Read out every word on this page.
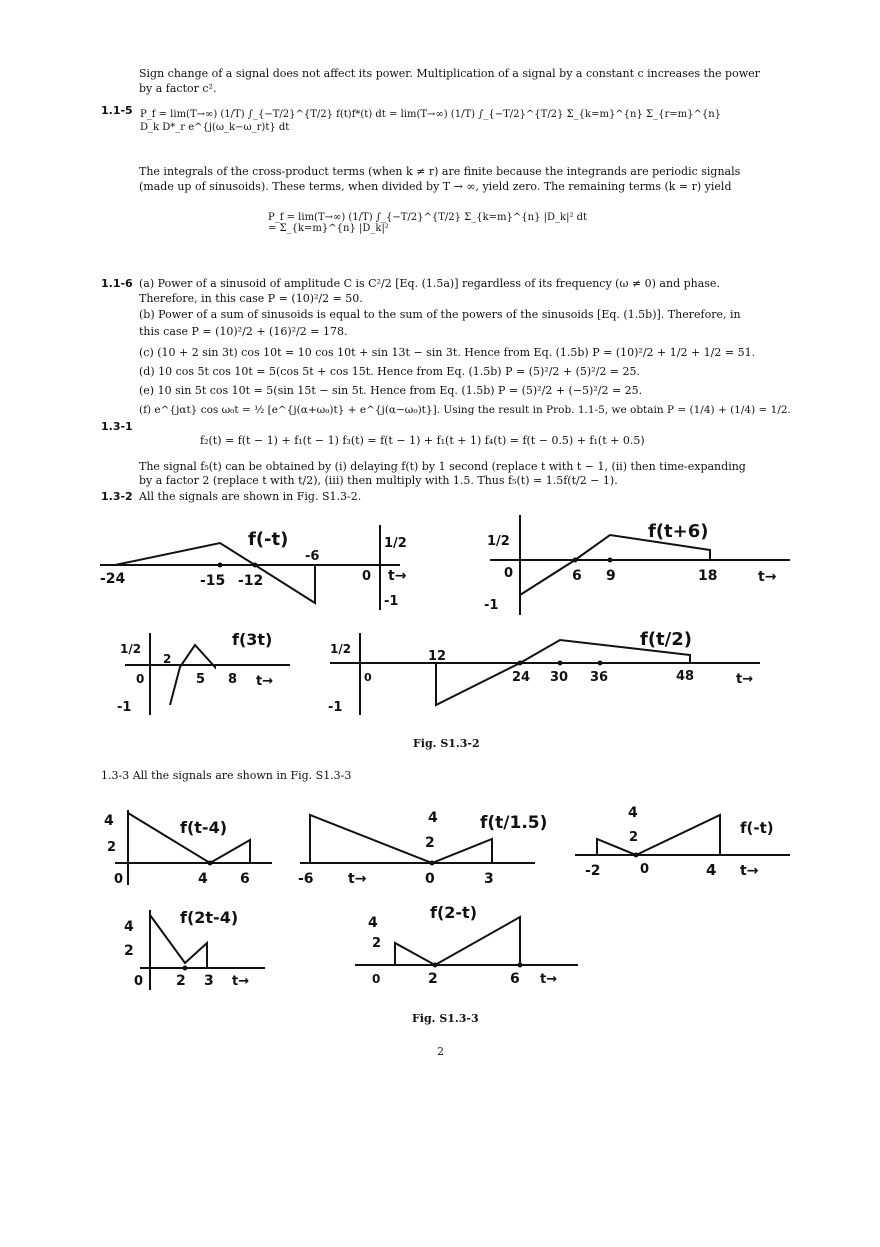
Sign change of a signal does not affect its power. Multiplication of a signal by a constant c increases the power
by a factor c².
1.1-5 P_f = lim(T→∞) (1/T) ∫_{−T/2}^{T/2} f(t)f*(t) dt = lim(T→∞) (1/T) ∫_{−T/2}^{T/2} Σ_{k=m}^{n} Σ_{r=m}^{n} D_k D*_r e^{j(ω_k−ω_r)t} dt
The integrals of the cross-product terms (when k ≠ r) are finite because the integrands are periodic signals
(made up of sinusoids). These terms, when divided by T → ∞, yield zero. The remaining terms (k = r) yield
P_f = lim(T→∞) (1/T) ∫_{−T/2}^{T/2} Σ_{k=m}^{n} |D_k|² dt = Σ_{k=m}^{n} |D_k|²
1.1-6 (a) Power of a sinusoid of amplitude C is C²/2 [Eq. (1.5a)] regardless of its frequency (ω ≠ 0) and phase.
Therefore, in this case P = (10)²/2 = 50.
(b) Power of a sum of sinusoids is equal to the sum of the powers of the sinusoids [Eq. (1.5b)]. Therefore, in
this case P = (10)²/2 + (16)²/2 = 178.
(c) (10 + 2 sin 3t) cos 10t = 10 cos 10t + sin 13t − sin 3t. Hence from Eq. (1.5b) P = (10)²/2 + 1/2 + 1/2 = 51.
(d) 10 cos 5t cos 10t = 5(cos 5t + cos 15t. Hence from Eq. (1.5b) P = (5)²/2 + (5)²/2 = 25.
(e) 10 sin 5t cos 10t = 5(sin 15t − sin 5t. Hence from Eq. (1.5b) P = (5)²/2 + (−5)²/2 = 25.
(f) e^{jαt} cos ω₀t = ½ [e^{j(α+ω₀)t} + e^{j(α−ω₀)t}]. Using the result in Prob. 1.1-5, we obtain P = (1/4) + (1/4) = 1/2.
1.3-1
f₂(t) = f(t − 1) + f₁(t − 1) f₃(t) = f(t − 1) + f₁(t + 1) f₄(t) = f(t − 0.5) + f₁(t + 0.5)
The signal f₅(t) can be obtained by (i) delaying f(t) by 1 second (replace t with t − 1, (ii) then time-expanding
by a factor 2 (replace t with t/2), (iii) then multiply with 1.5. Thus f₅(t) = 1.5f(t/2 − 1).
1.3-2 All the signals are shown in Fig. S1.3-2.
f(-t)
-24	-15 -12
-6
0
1/2
-1
t→
f(t+6)
0	6 9	18
1/2
-1
t→
f(3t)
2
0	5 8
1/2
-1
t→
f(t/2)
12
0	24 30 36	48
1/2
-1
t→
Fig. S1.3-2
1.3-3 All the signals are shown in Fig. S1.3-3
f(t-4)
4
2
0	4 6
f(t/1.5)
4
2
-6	0	3
t→
f(-t)
4
2
-2	0	4 t→
f(2t-4)
4
2
0 2 3 t→
f(2-t)
4
2
0	2	6 t→
Fig. S1.3-3
2
